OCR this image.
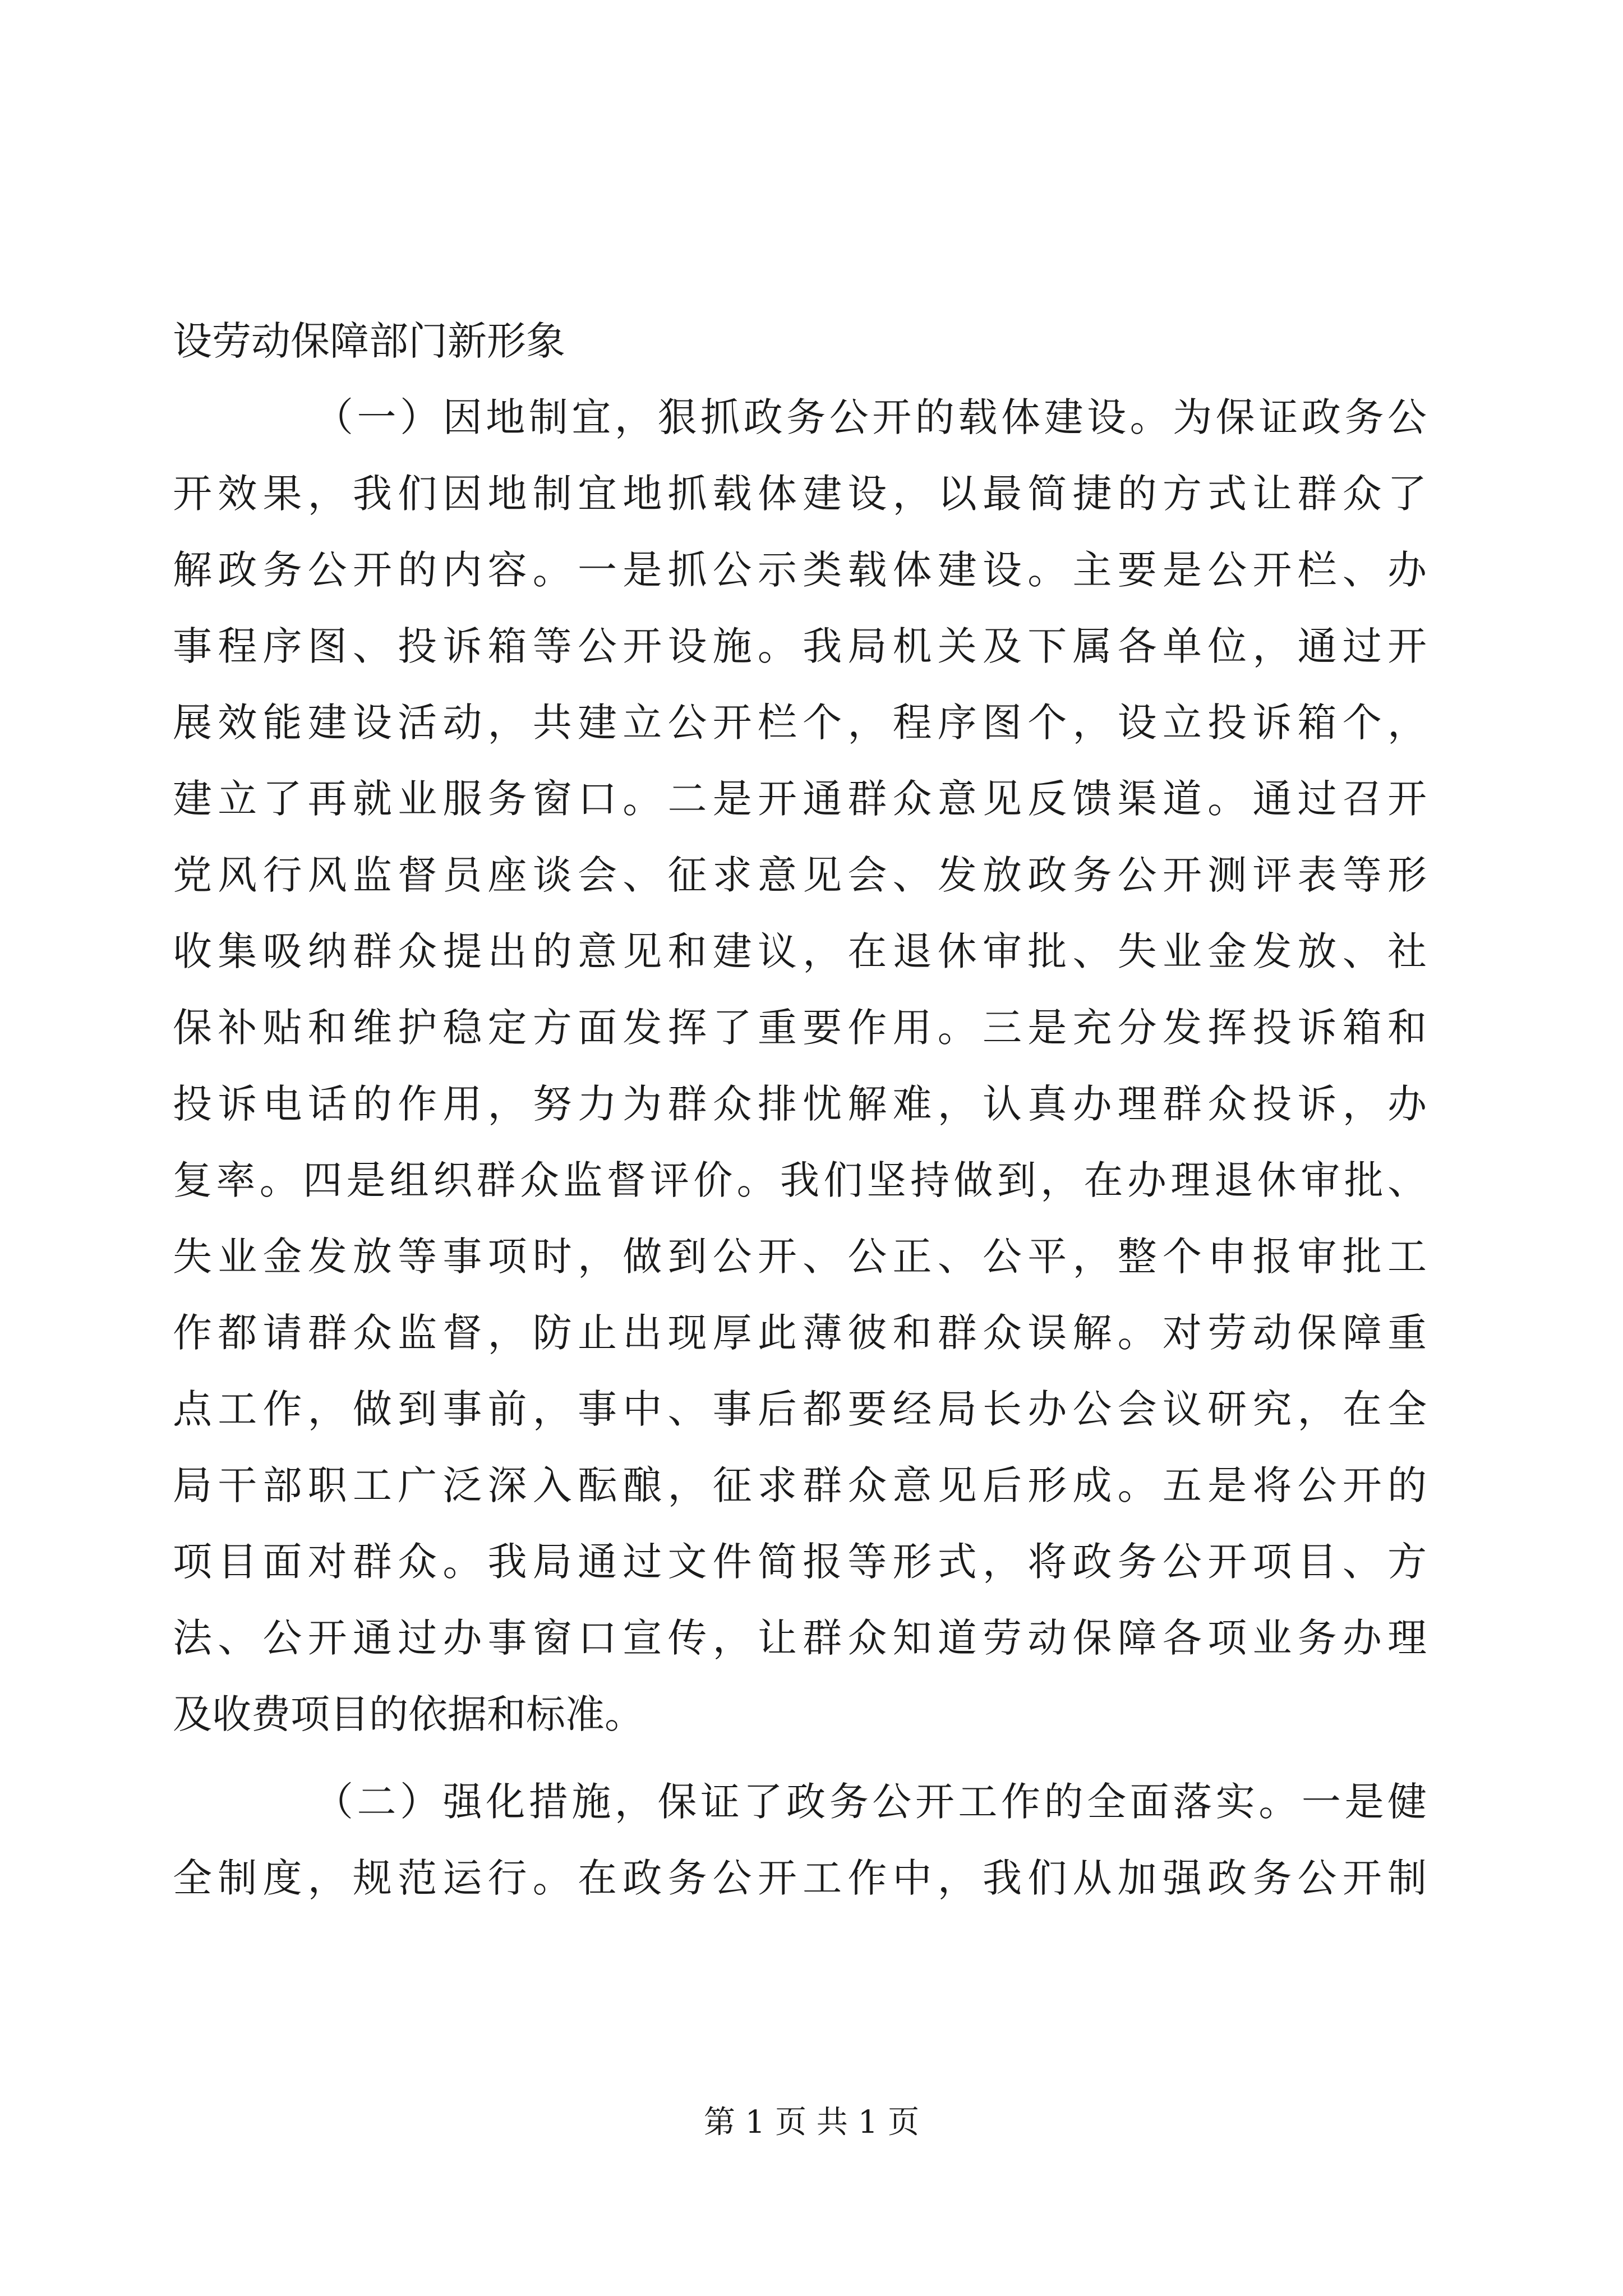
设劳动保障部门新形象
（一）因地制宜，狠抓政务公开的载体建设。为保证政务公
开效果，我们因地制宜地抓载体建设，以最简捷的方式让群众了
解政务公开的内容。一是抓公示类载体建设。主要是公开栏、办
事程序图、投诉箱等公开设施。我局机关及下属各单位，通过开
展效能建设活动，共建立公开栏个，程序图个，设立投诉箱个，
建立了再就业服务窗口。二是开通群众意见反馈渠道。通过召开
党风行风监督员座谈会、征求意见会、发放政务公开测评表等形
收集吸纳群众提出的意见和建议，在退休审批、失业金发放、社
保补贴和维护稳定方面发挥了重要作用。三是充分发挥投诉箱和
投诉电话的作用，努力为群众排忧解难，认真办理群众投诉，办
复率。四是组织群众监督评价。我们坚持做到，在办理退休审批、
失业金发放等事项时，做到公开、公正、公平，整个申报审批工
作都请群众监督，防止出现厚此薄彼和群众误解。对劳动保障重
点工作，做到事前，事中、事后都要经局长办公会议研究，在全
局干部职工广泛深入酝酿，征求群众意见后形成。五是将公开的
项目面对群众。我局通过文件简报等形式，将政务公开项目、方
法、公开通过办事窗口宣传，让群众知道劳动保障各项业务办理
及收费项目的依据和标准。
（二）强化措施，保证了政务公开工作的全面落实。一是健
全制度，规范运行。在政务公开工作中，我们从加强政务公开制
第 1 页 共 1 页
